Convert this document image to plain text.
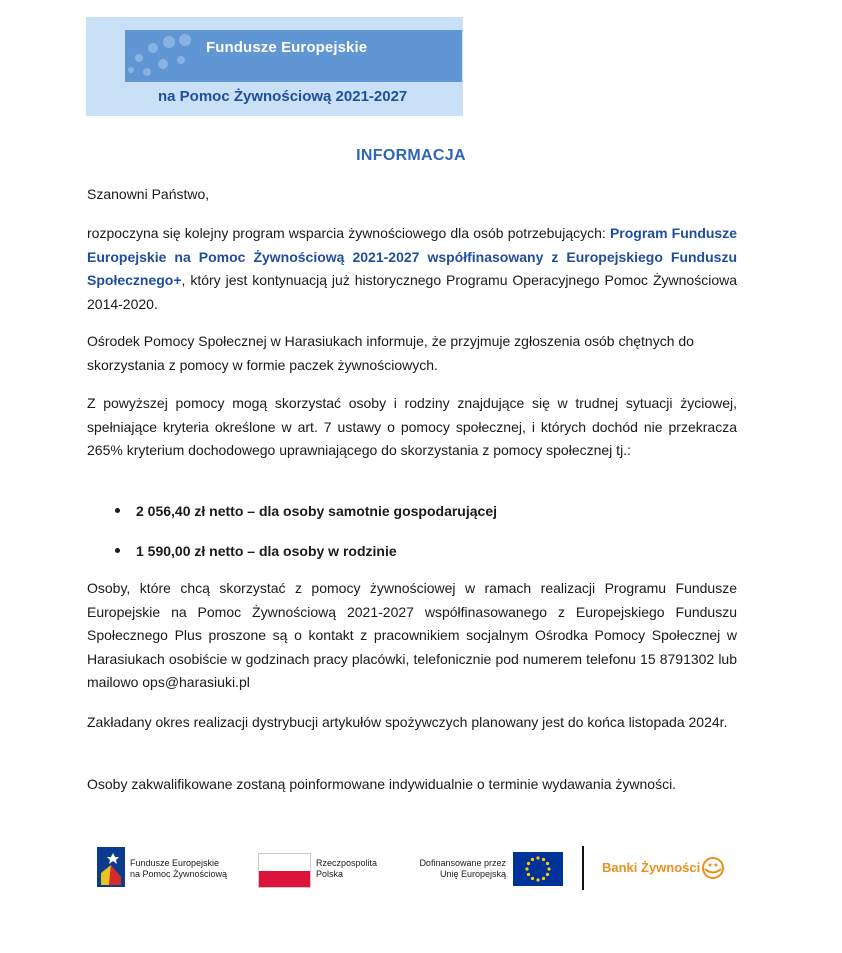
Fundusze Europejskie
na Pomoc Żywnościową 2021-2027
INFORMACJA
Szanowni Państwo,
rozpoczyna się kolejny program wsparcia żywnościowego dla osób potrzebujących: Program Fundusze Europejskie na Pomoc Żywnościową 2021-2027 współfinasowany z Europejskiego Funduszu Społecznego+, który jest kontynuacją już historycznego Programu Operacyjnego Pomoc Żywnościowa 2014-2020.
Ośrodek Pomocy Społecznej w Harasiukach informuje, że przyjmuje zgłoszenia osób chętnych do skorzystania z pomocy w formie paczek żywnościowych.
Z powyższej pomocy mogą skorzystać osoby i rodziny znajdujące się w trudnej sytuacji życiowej, spełniające kryteria określone w art. 7 ustawy o pomocy społecznej, i których dochód nie przekracza 265% kryterium dochodowego uprawniającego do skorzystania z pomocy społecznej tj.:
2 056,40 zł netto – dla osoby samotnie gospodarującej
1 590,00 zł netto – dla osoby w rodzinie
Osoby, które chcą skorzystać z pomocy żywnościowej w ramach realizacji Programu Fundusze Europejskie na Pomoc Żywnościową 2021-2027 współfinasowanego z Europejskiego Funduszu Społecznego Plus proszone są o kontakt z pracownikiem socjalnym Ośrodka Pomocy Społecznej w Harasiukach osobiście w godzinach pracy placówki, telefonicznie pod numerem telefonu 15 8791302 lub mailowo ops@harasiuki.pl
Zakładany okres realizacji dystrybucji artykułów spożywczych planowany jest do końca listopada 2024r.
Osoby zakwalifikowane zostaną poinformowane indywidualnie o terminie wydawania żywności.
Fundusze Europejskie
na Pomoc Żywnościową
Rzeczpospolita
Polska
Dofinansowane przez
Unię Europejską	Banki Żywności
